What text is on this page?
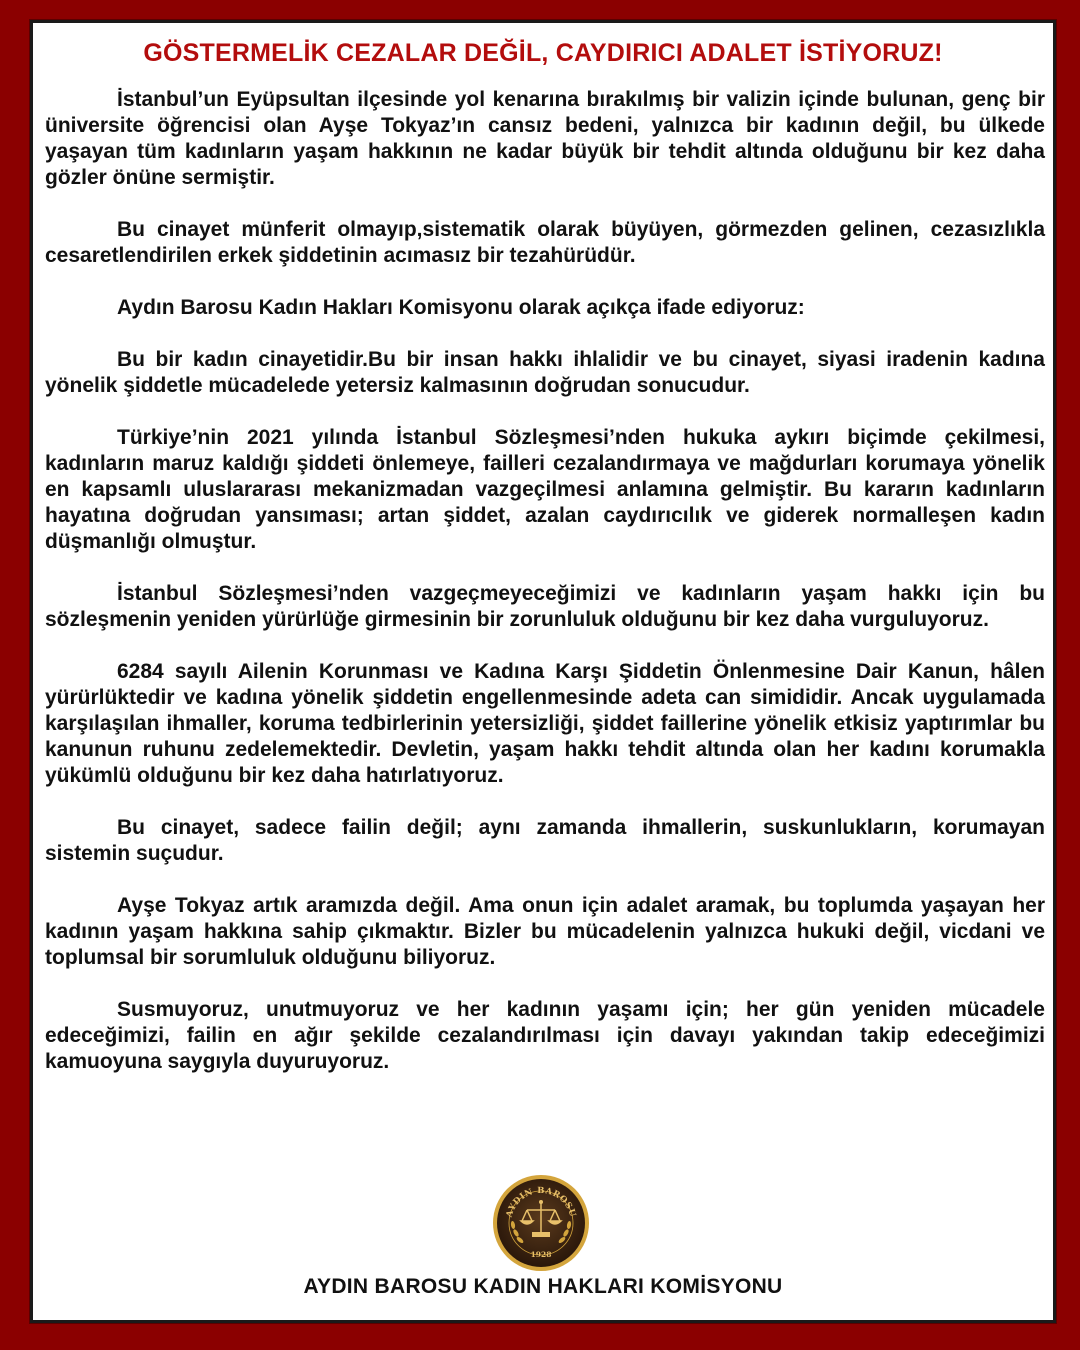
GÖSTERMELİK CEZALAR DEĞİL, CAYDIRICI ADALET İSTİYORUZ!

İstanbul’un Eyüpsultan ilçesinde yol kenarına bırakılmış bir valizin içinde bulunan, genç bir üniversite öğrencisi olan Ayşe Tokyaz’ın cansız bedeni, yalnızca bir kadının değil, bu ülkede yaşayan tüm kadınların yaşam hakkının ne kadar büyük bir tehdit altında olduğunu bir kez daha gözler önüne sermiştir.

Bu cinayet münferit olmayıp,sistematik olarak büyüyen, görmezden gelinen, cezasızlıkla cesaretlendirilen erkek şiddetinin acımasız bir tezahürüdür.

Aydın Barosu Kadın Hakları Komisyonu olarak açıkça ifade ediyoruz:

Bu bir kadın cinayetidir.Bu bir insan hakkı ihlalidir ve bu cinayet, siyasi iradenin kadına yönelik şiddetle mücadelede yetersiz kalmasının doğrudan sonucudur.

Türkiye’nin 2021 yılında İstanbul Sözleşmesi’nden hukuka aykırı biçimde çekilmesi, kadınların maruz kaldığı şiddeti önlemeye, failleri cezalandırmaya ve mağdurları korumaya yönelik en kapsamlı uluslararası mekanizmadan vazgeçilmesi anlamına gelmiştir. Bu kararın kadınların hayatına doğrudan yansıması; artan şiddet, azalan caydırıcılık ve giderek normalleşen kadın düşmanlığı olmuştur.

İstanbul Sözleşmesi’nden vazgeçmeyeceğimizi ve kadınların yaşam hakkı için bu sözleşmenin yeniden yürürlüğe girmesinin bir zorunluluk olduğunu bir kez daha vurguluyoruz.

6284 sayılı Ailenin Korunması ve Kadına Karşı Şiddetin Önlenmesine Dair Kanun, hâlen yürürlüktedir ve kadına yönelik şiddetin engellenmesinde adeta can simididir. Ancak uygulamada karşılaşılan ihmaller, koruma tedbirlerinin yetersizliği, şiddet faillerine yönelik etkisiz yaptırımlar bu kanunun ruhunu zedelemektedir. Devletin, yaşam hakkı tehdit altında olan her kadını korumakla yükümlü olduğunu bir kez daha hatırlatıyoruz.

Bu cinayet, sadece failin değil; aynı zamanda ihmallerin, suskunlukların, korumayan sistemin suçudur.

Ayşe Tokyaz artık aramızda değil. Ama onun için adalet aramak, bu toplumda yaşayan her kadının yaşam hakkına sahip çıkmaktır. Bizler bu mücadelenin yalnızca hukuki değil, vicdani ve toplumsal bir sorumluluk olduğunu biliyoruz.

Susmuyoruz, unutmuyoruz ve her kadının yaşamı için; her gün yeniden mücadele edeceğimizi, failin en ağır şekilde cezalandırılması için davayı yakından takip edeceğimizi kamuoyuna saygıyla duyuruyoruz.

AYDIN BAROSU
1928

AYDIN BAROSU KADIN HAKLARI KOMİSYONU
